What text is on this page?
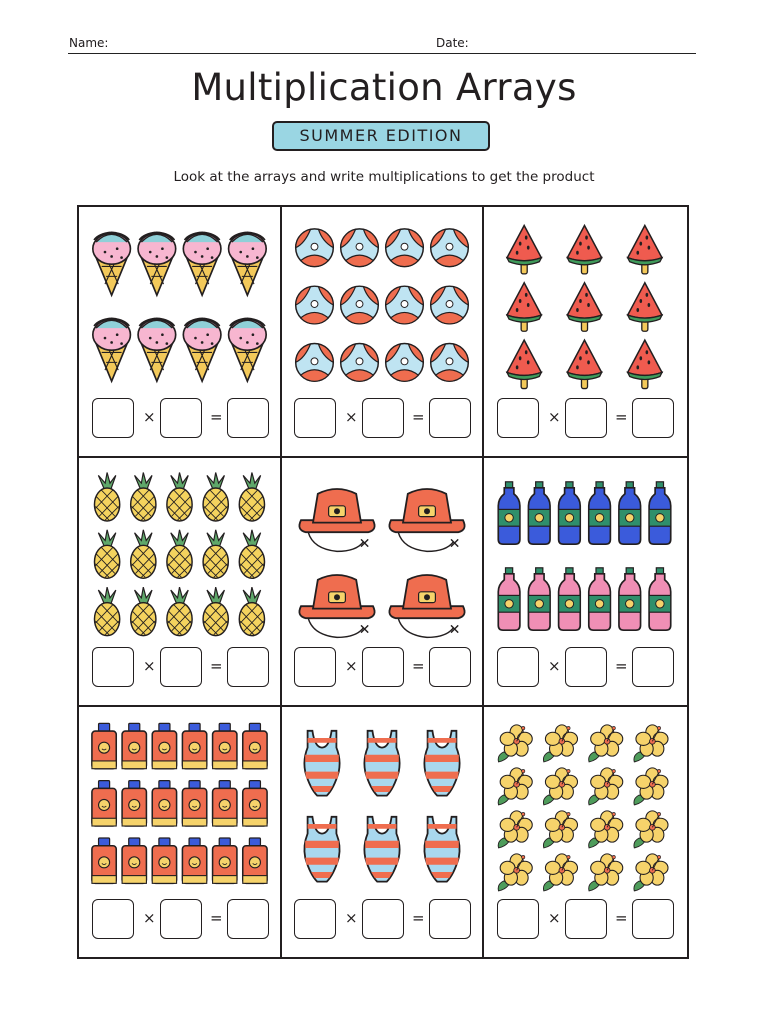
Name:	Date:
Multiplication Arrays
SUMMER EDITION
Look at the arrays and write multiplications to get the product
×	=	×	=	×	=
×	=	×	=	×	=
×	=	×	=	×	=
